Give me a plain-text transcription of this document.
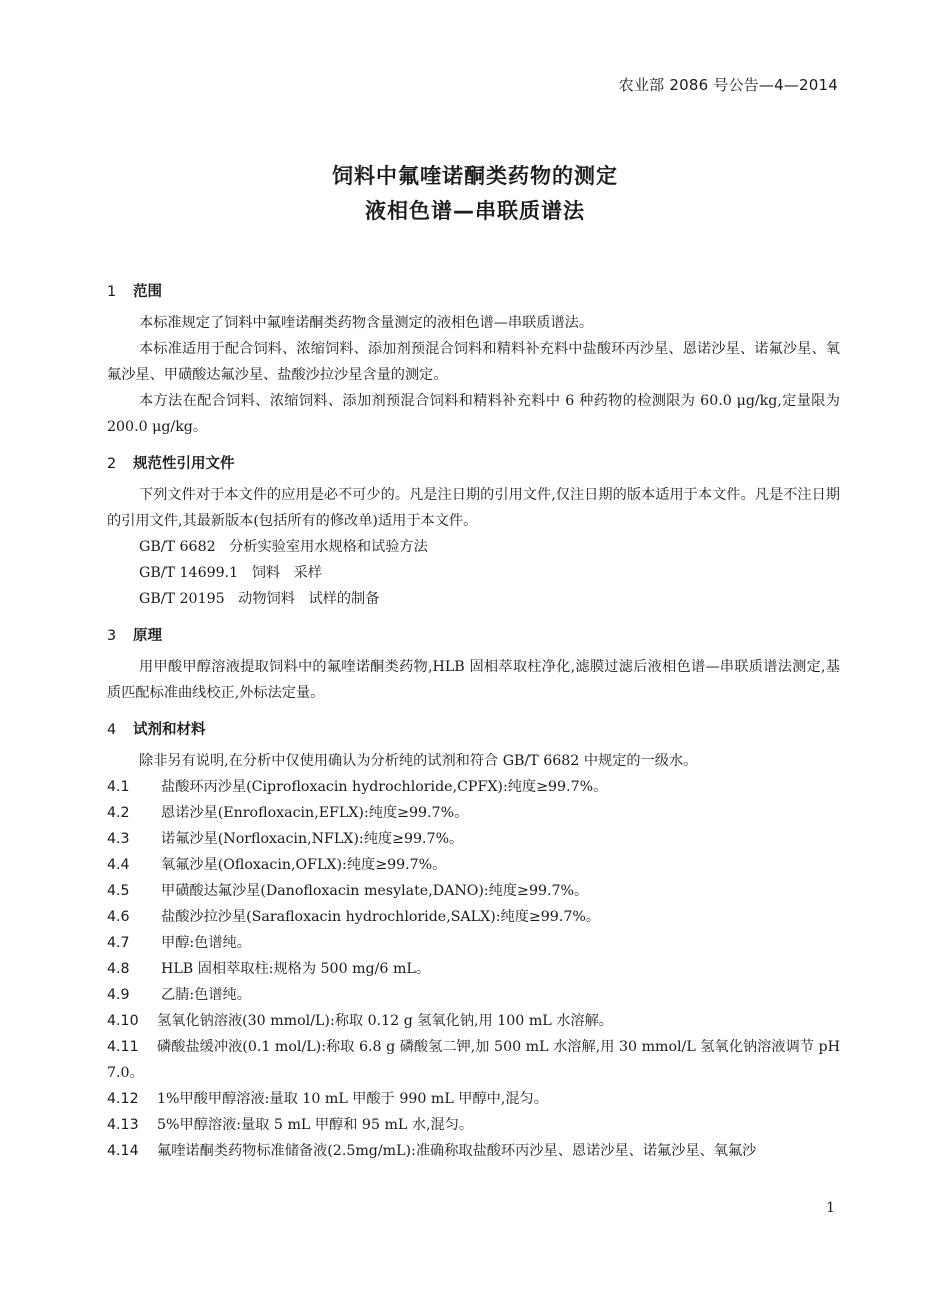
农业部 2086 号公告—4—2014
饲料中氟喹诺酮类药物的测定
液相色谱—串联质谱法
1 范围
本标准规定了饲料中氟喹诺酮类药物含量测定的液相色谱—串联质谱法。
本标准适用于配合饲料、浓缩饲料、添加剂预混合饲料和精料补充料中盐酸环丙沙星、恩诺沙星、诺氟沙星、氧氟沙星、甲磺酸达氟沙星、盐酸沙拉沙星含量的测定。
本方法在配合饲料、浓缩饲料、添加剂预混合饲料和精料补充料中 6 种药物的检测限为 60.0 μg/kg,定量限为 200.0 μg/kg。
2 规范性引用文件
下列文件对于本文件的应用是必不可少的。凡是注日期的引用文件,仅注日期的版本适用于本文件。凡是不注日期的引用文件,其最新版本(包括所有的修改单)适用于本文件。
GB/T 6682   分析实验室用水规格和试验方法
GB/T 14699.1   饲料   采样
GB/T 20195   动物饲料   试样的制备
3 原理
用甲酸甲醇溶液提取饲料中的氟喹诺酮类药物,HLB 固相萃取柱净化,滤膜过滤后液相色谱—串联质谱法测定,基质匹配标准曲线校正,外标法定量。
4 试剂和材料
除非另有说明,在分析中仅使用确认为分析纯的试剂和符合 GB/T 6682 中规定的一级水。
4.1	盐酸环丙沙星(Ciprofloxacin hydrochloride,CPFX):纯度≥99.7%。
4.2	恩诺沙星(Enrofloxacin,EFLX):纯度≥99.7%。
4.3	诺氟沙星(Norfloxacin,NFLX):纯度≥99.7%。
4.4	氧氟沙星(Ofloxacin,OFLX):纯度≥99.7%。
4.5	甲磺酸达氟沙星(Danofloxacin mesylate,DANO):纯度≥99.7%。
4.6	盐酸沙拉沙星(Sarafloxacin hydrochloride,SALX):纯度≥99.7%。
4.7	甲醇:色谱纯。
4.8	HLB 固相萃取柱:规格为 500 mg/6 mL。
4.9	乙腈:色谱纯。
4.10	氢氧化钠溶液(30 mmol/L):称取 0.12 g 氢氧化钠,用 100 mL 水溶解。
4.11 磷酸盐缓冲液(0.1 mol/L):称取 6.8 g 磷酸氢二钾,加 500 mL 水溶解,用 30 mmol/L 氢氧化钠溶液调节 pH 7.0。
4.12	1%甲酸甲醇溶液:量取 10 mL 甲酸于 990 mL 甲醇中,混匀。
4.13	5%甲醇溶液:量取 5 mL 甲醇和 95 mL 水,混匀。
4.14	氟喹诺酮类药物标准储备液(2.5mg/mL):准确称取盐酸环丙沙星、恩诺沙星、诺氟沙星、氧氟沙
1
